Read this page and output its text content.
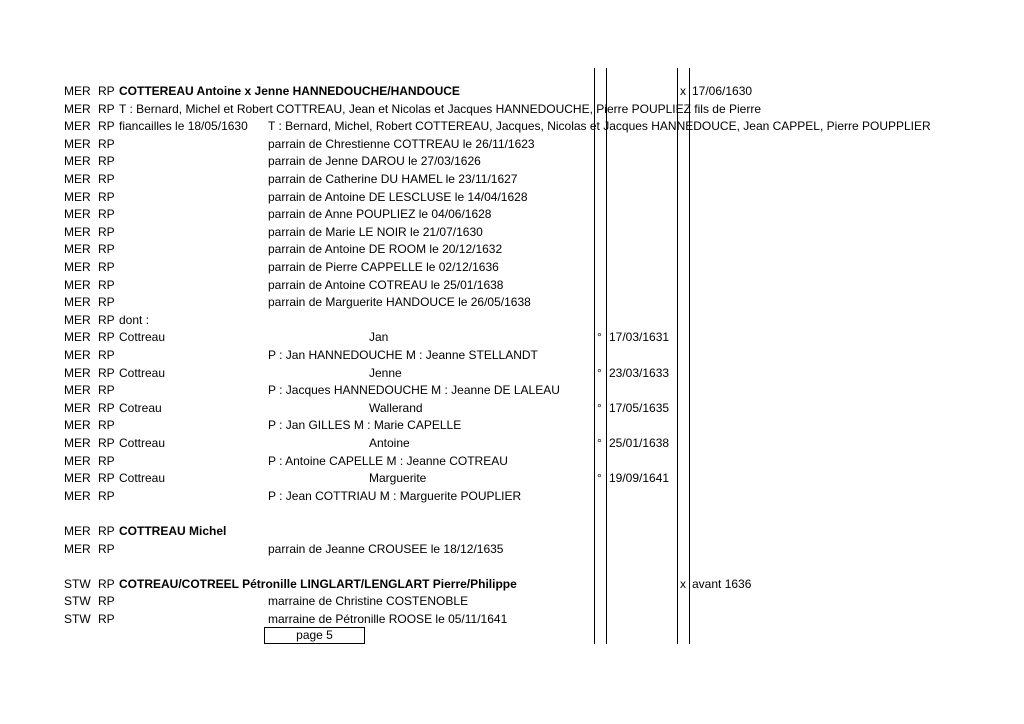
MER RP COTTEREAU Antoine x Jenne HANNEDOUCHE/HANDOUCE	x 17/06/1630
MER RP T : Bernard, Michel et Robert COTTREAU, Jean et Nicolas et Jacques HANNEDOUCHE, Pierre POUPLIEZ fils de Pierre
MER RP fiancailles le 18/05/1630 T : Bernard, Michel, Robert COTTEREAU, Jacques, Nicolas et Jacques HANNEDOUCE, Jean CAPPEL, Pierre POUPPLIER
MER RP	parrain de Chrestienne COTTREAU le 26/11/1623
MER RP	parrain de Jenne DAROU le 27/03/1626
MER RP	parrain de Catherine DU HAMEL le 23/11/1627
MER RP	parrain de Antoine DE LESCLUSE le 14/04/1628
MER RP	parrain de Anne POUPLIEZ le 04/06/1628
MER RP	parrain de Marie LE NOIR le 21/07/1630
MER RP	parrain de Antoine DE ROOM le 20/12/1632
MER RP	parrain de Pierre CAPPELLE le 02/12/1636
MER RP	parrain de Antoine COTREAU le 25/01/1638
MER RP	parrain de Marguerite HANDOUCE le 26/05/1638
MER RP dont :
MER RP Cottreau	Jan	° 17/03/1631
MER RP	P : Jan HANNEDOUCHE M : Jeanne STELLANDT
MER RP Cottreau	Jenne	° 23/03/1633
MER RP	P : Jacques HANNEDOUCHE M : Jeanne DE LALEAU
MER RP Cotreau	Wallerand	° 17/05/1635
MER RP	P : Jan GILLES M : Marie CAPELLE
MER RP Cottreau	Antoine	° 25/01/1638
MER RP	P : Antoine CAPELLE M : Jeanne COTREAU
MER RP Cottreau	Marguerite	° 19/09/1641
MER RP	P : Jean COTTRIAU M : Marguerite POUPLIER
MER RP COTTREAU Michel
MER RP	parrain de Jeanne CROUSEE le 18/12/1635
STW RP COTREAU/COTREEL Pétronille LINGLART/LENGLART Pierre/Philippe	x avant 1636
STW RP	marraine de Christine COSTENOBLE
STW RP	marraine de Pétronille ROOSE le 05/11/1641
page 5
